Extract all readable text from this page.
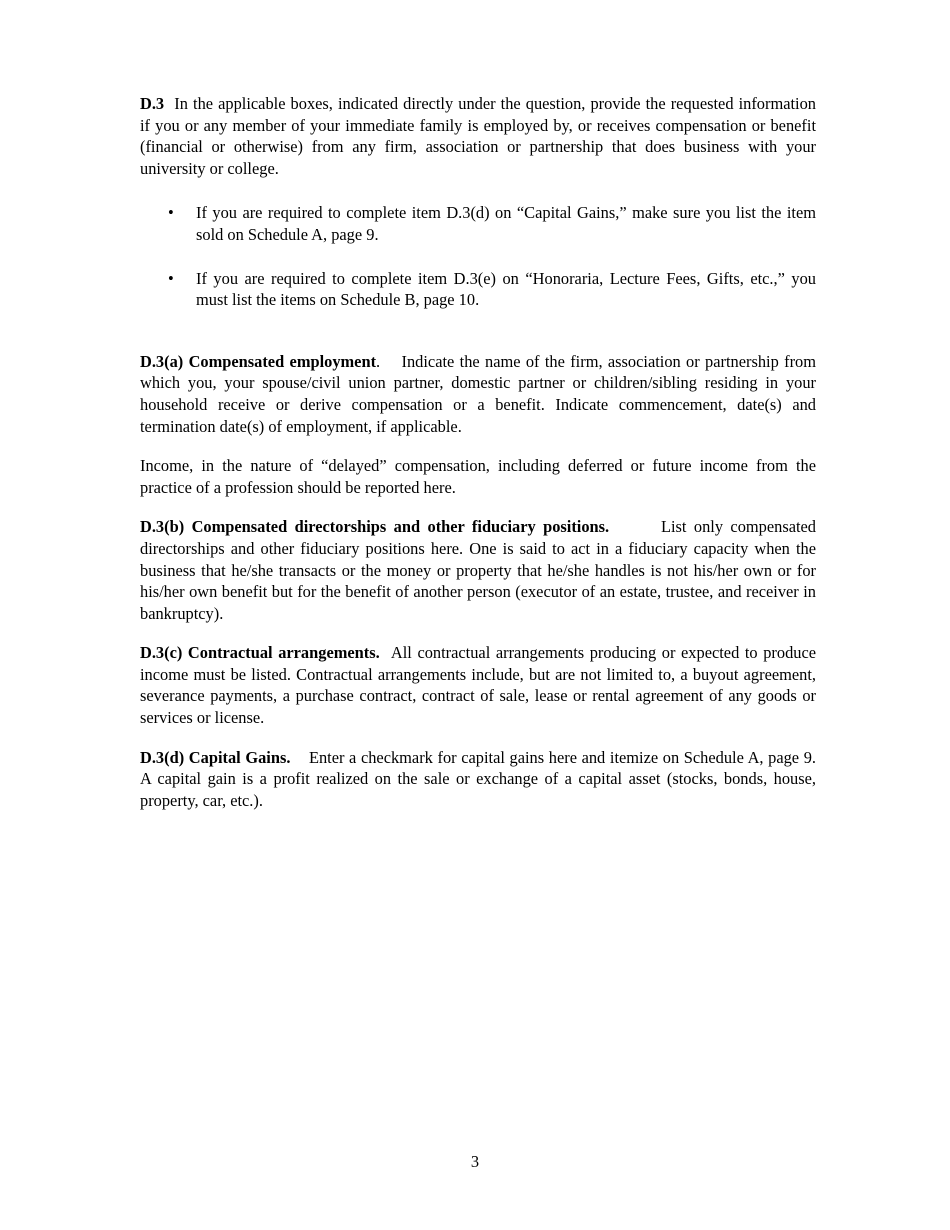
D.3 In the applicable boxes, indicated directly under the question, provide the requested information if you or any member of your immediate family is employed by, or receives compensation or benefit (financial or otherwise) from any firm, association or partnership that does business with your university or college.

• If you are required to complete item D.3(d) on “Capital Gains,” make sure you list the item sold on Schedule A, page 9.
• If you are required to complete item D.3(e) on “Honoraria, Lecture Fees, Gifts, etc.,” you must list the items on Schedule B, page 10.

D.3(a) Compensated employment. Indicate the name of the firm, association or partnership from which you, your spouse/civil union partner, domestic partner or children/sibling residing in your household receive or derive compensation or a benefit. Indicate commencement, date(s) and termination date(s) of employment, if applicable.

Income, in the nature of “delayed” compensation, including deferred or future income from the practice of a profession should be reported here.

D.3(b) Compensated directorships and other fiduciary positions.	List only compensated directorships and other fiduciary positions here. One is said to act in a fiduciary capacity when the business that he/she transacts or the money or property that he/she handles is not his/her own or for his/her own benefit but for the benefit of another person (executor of an estate, trustee, and receiver in bankruptcy).

D.3(c) Contractual arrangements. All contractual arrangements producing or expected to produce income must be listed. Contractual arrangements include, but are not limited to, a buyout agreement, severance payments, a purchase contract, contract of sale, lease or rental agreement of any goods or services or license.

D.3(d) Capital Gains. Enter a checkmark for capital gains here and itemize on Schedule A, page 9. A capital gain is a profit realized on the sale or exchange of a capital asset (stocks, bonds, house, property, car, etc.).

3
